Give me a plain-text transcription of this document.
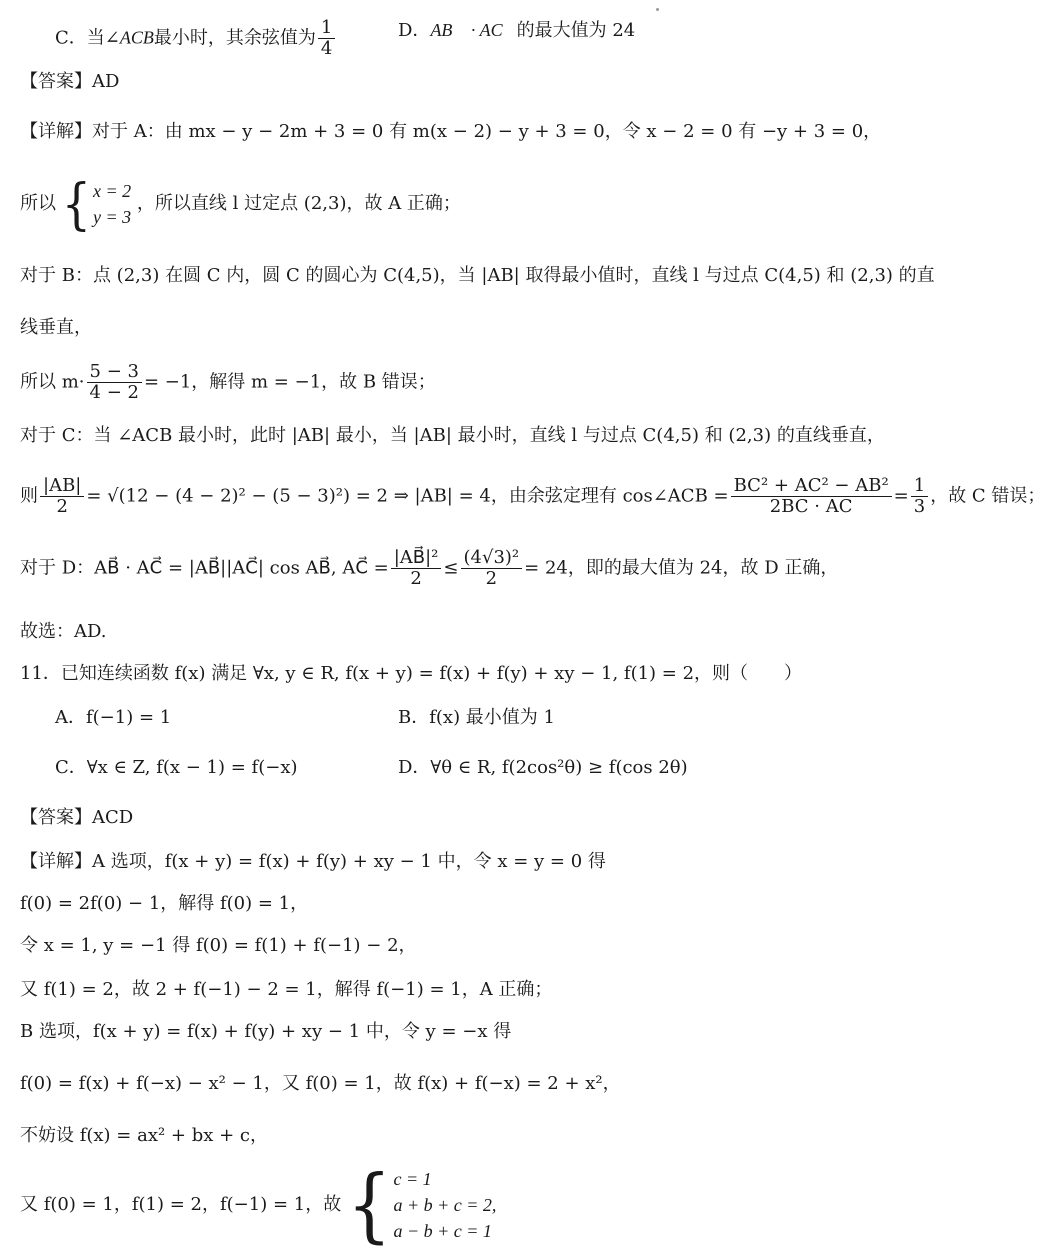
C．当∠ACB最小时，其余弦值为 $\frac{1}{4}$	D．AB⃗ · AC⃗的最大值为 24
【答案】AD
【详解】对于 A：由 mx − y − 2m + 3 = 0 有 m(x − 2) − y + 3 = 0，令 x − 2 = 0 有 −y + 3 = 0，
所以 { x = 2
y = 3
，所以直线 l 过定点 (2,3)，故 A 正确；
对于 B：点 (2,3) 在圆 C 内，圆 C 的圆心为 C(4,5)，当 |AB| 取得最小值时，直线 l 与过点 C(4,5) 和 (2,3) 的直
线垂直，
所以 $m\cdot \frac{5 - 3}{4 - 2} = -1$，解得 m = −1，故 B 错误；
对于 C：当 ∠ACB 最小时，此时 |AB| 最小，当 |AB| 最小时，直线 l 与过点 C(4,5) 和 (2,3) 的直线垂直，
则 $\frac{|AB|}{2} = √(12 - (4 - 2)^2 - (5 - 3)^2) = 2$ ⇒ |AB| = 4，由余弦定理有 cos∠ACB = $\frac{\text{BC² + AC² − AB²}}{2BC \cdot AC} = \frac{1}{3}$ ，故 C 错误；
对于 D：AB⃗ · AC⃗ = |AB⃗||AC⃗| cos AB⃗, AC⃗ = $\frac{\text{|AB⃗|²}}{2} \le \frac{\text{(4√3)²}}{2} = 24$，即的最大值为 24，故 D 正确，
故选：AD.
11．已知连续函数 f(x) 满足 ∀x, y ∈ R, f(x + y) = f(x) + f(y) + xy − 1, f(1) = 2，则（　　）
A．f(−1) = 1	B．f(x) 最小值为 1
C．∀x ∈ Z, f(x − 1) = f(−x)	D．∀θ ∈ R, f(2cos²θ) ≥ f(cos 2θ)
【答案】ACD
【详解】A 选项，f(x + y) = f(x) + f(y) + xy − 1 中，令 x = y = 0 得
f(0) = 2f(0) − 1，解得 f(0) = 1，
令 x = 1, y = −1 得 f(0) = f(1) + f(−1) − 2，
又 f(1) = 2，故 2 + f(−1) − 2 = 1，解得 f(−1) = 1，A 正确；
B 选项，f(x + y) = f(x) + f(y) + xy − 1 中，令 y = −x 得
f(0) = f(x) + f(−x) − x² − 1，又 f(0) = 1，故 f(x) + f(−x) = 2 + x²，
不妨设 f(x) = ax² + bx + c，
又 f(0) = 1，f(1) = 2，f(−1) = 1，故 { c = 1
a + b + c = 2,
a − b + c = 1
